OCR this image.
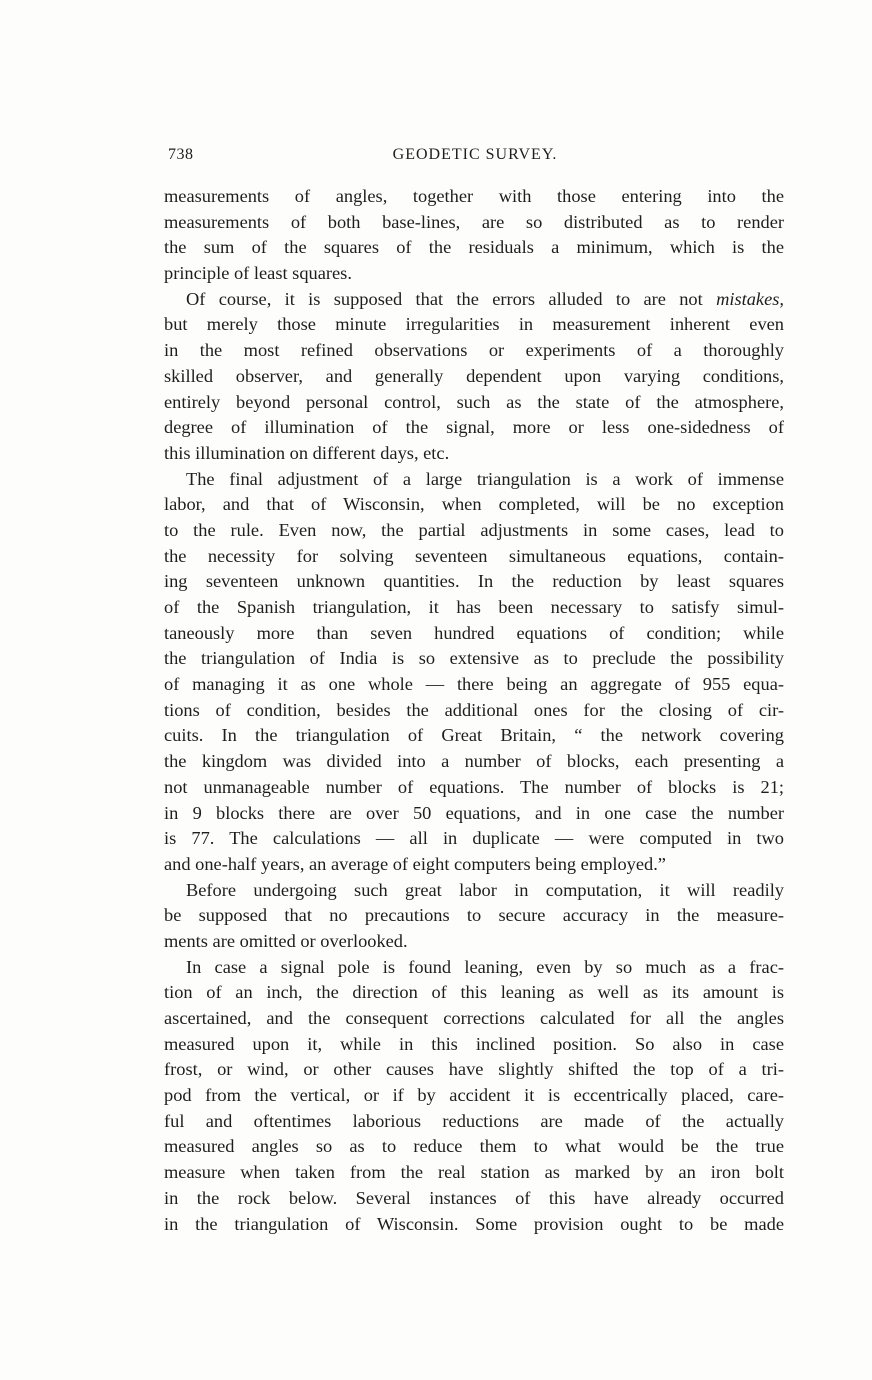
738	GEODETIC SURVEY.
measurements of angles, together with those entering into the
measurements of both base-lines, are so distributed as to render
the sum of the squares of the residuals a minimum, which is the
principle of least squares.
Of course, it is supposed that the errors alluded to are not mistakes,
but merely those minute irregularities in measurement inherent even
in the most refined observations or experiments of a thoroughly
skilled observer, and generally dependent upon varying conditions,
entirely beyond personal control, such as the state of the atmosphere,
degree of illumination of the signal, more or less one-sidedness of
this illumination on different days, etc.
The final adjustment of a large triangulation is a work of immense
labor, and that of Wisconsin, when completed, will be no exception
to the rule. Even now, the partial adjustments in some cases, lead to
the necessity for solving seventeen simultaneous equations, contain-
ing seventeen unknown quantities. In the reduction by least squares
of the Spanish triangulation, it has been necessary to satisfy simul-
taneously more than seven hundred equations of condition; while
the triangulation of India is so extensive as to preclude the possibility
of managing it as one whole — there being an aggregate of 955 equa-
tions of condition, besides the additional ones for the closing of cir-
cuits. In the triangulation of Great Britain, “ the network covering
the kingdom was divided into a number of blocks, each presenting a
not unmanageable number of equations. The number of blocks is 21;
in 9 blocks there are over 50 equations, and in one case the number
is 77. The calculations — all in duplicate — were computed in two
and one-half years, an average of eight computers being employed.”
Before undergoing such great labor in computation, it will readily
be supposed that no precautions to secure accuracy in the measure-
ments are omitted or overlooked.
In case a signal pole is found leaning, even by so much as a frac-
tion of an inch, the direction of this leaning as well as its amount is
ascertained, and the consequent corrections calculated for all the angles
measured upon it, while in this inclined position. So also in case
frost, or wind, or other causes have slightly shifted the top of a tri-
pod from the vertical, or if by accident it is eccentrically placed, care-
ful and oftentimes laborious reductions are made of the actually
measured angles so as to reduce them to what would be the true
measure when taken from the real station as marked by an iron bolt
in the rock below. Several instances of this have already occurred
in the triangulation of Wisconsin. Some provision ought to be made
